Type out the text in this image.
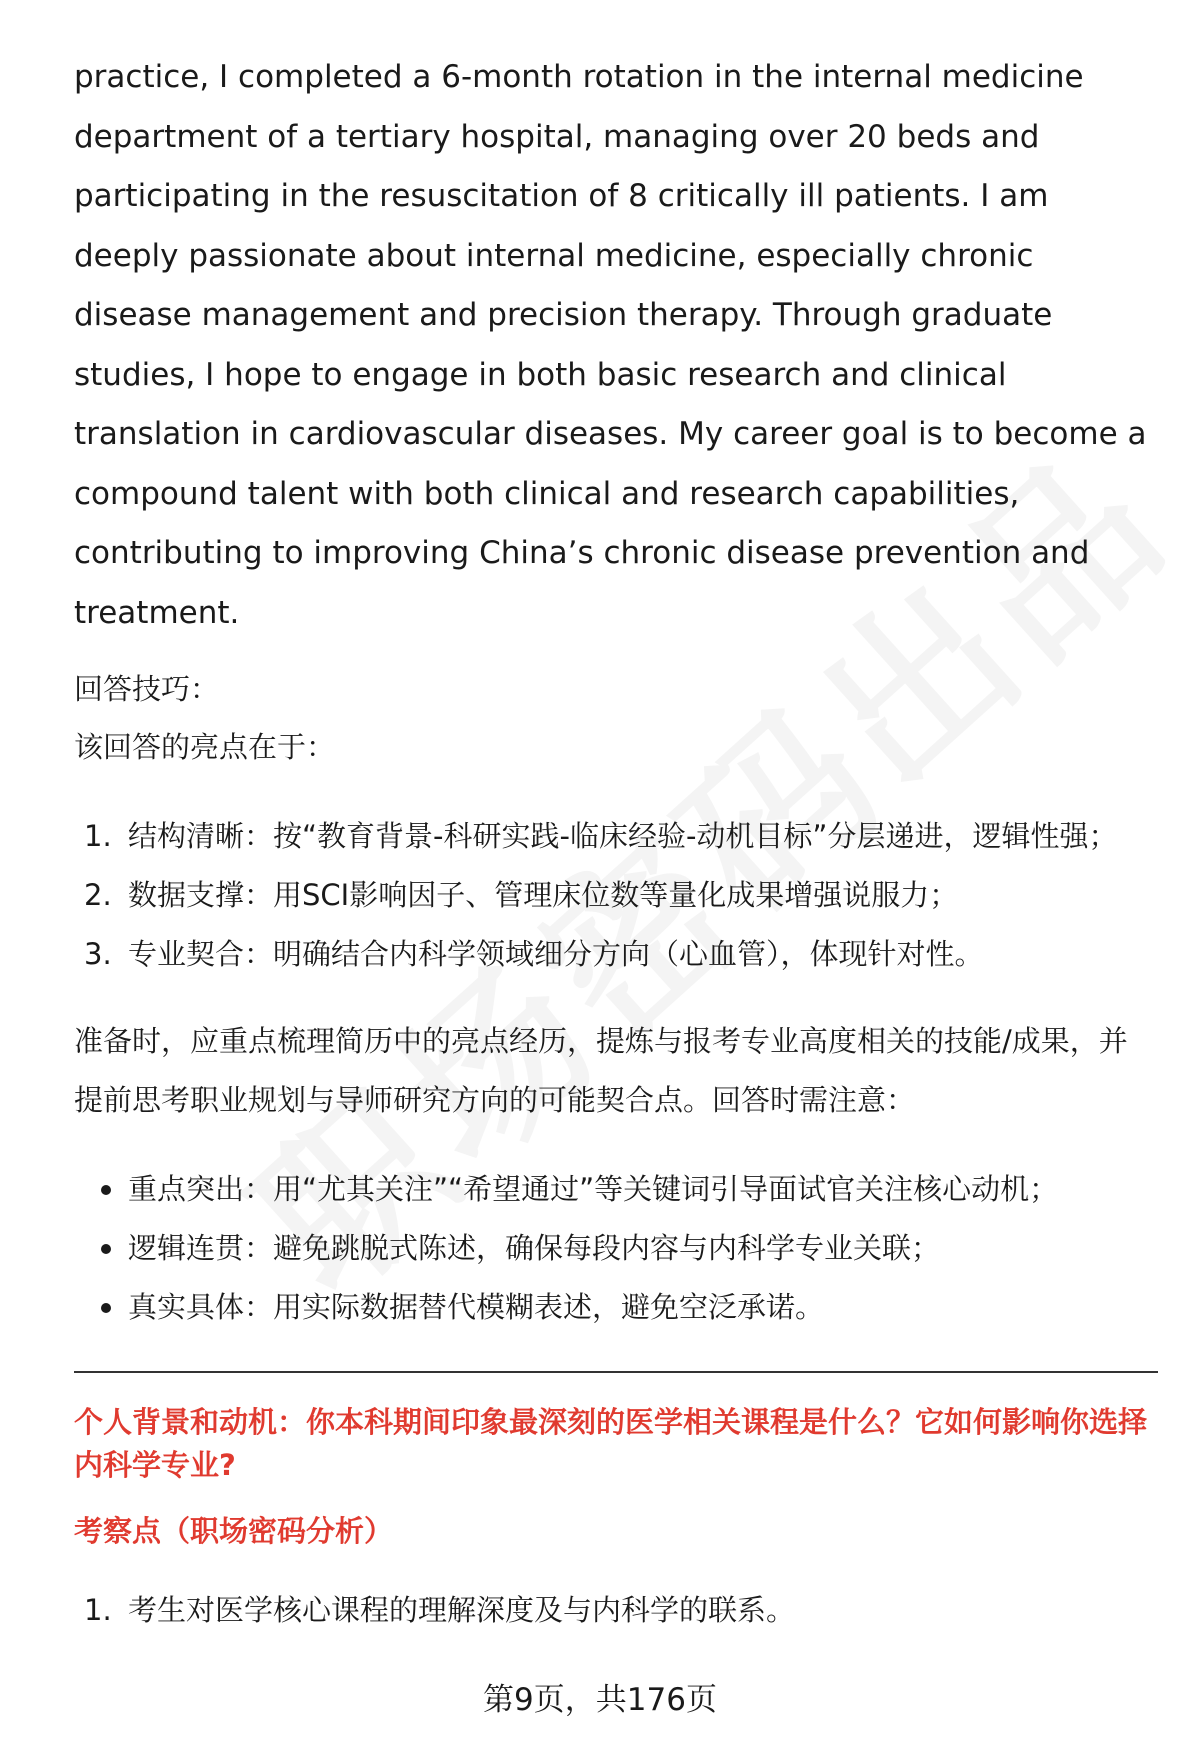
practice, I completed a 6-month rotation in the internal medicine department of a tertiary hospital, managing over 20 beds and participating in the resuscitation of 8 critically ill patients. I am deeply passionate about internal medicine, especially chronic disease management and precision therapy. Through graduate studies, I hope to engage in both basic research and clinical translation in cardiovascular diseases. My career goal is to become a compound talent with both clinical and research capabilities, contributing to improving China’s chronic disease prevention and treatment.

回答技巧：

该回答的亮点在于：

1. 结构清晰：按“教育背景-科研实践-临床经验-动机目标”分层递进，逻辑性强；
2. 数据支撑：用SCI影响因子、管理床位数等量化成果增强说服力；
3. 专业契合：明确结合内科学领域细分方向（心血管），体现针对性。

准备时，应重点梳理简历中的亮点经历，提炼与报考专业高度相关的技能/成果，并提前思考职业规划与导师研究方向的可能契合点。回答时需注意：

重点突出：用“尤其关注”“希望通过”等关键词引导面试官关注核心动机；
逻辑连贯：避免跳脱式陈述，确保每段内容与内科学专业关联；
真实具体：用实际数据替代模糊表述，避免空泛承诺。

个人背景和动机：你本科期间印象最深刻的医学相关课程是什么？它如何影响你选择内科学专业?

考察点（职场密码分析）

1. 考生对医学核心课程的理解深度及与内科学的联系。
第9页，共176页
